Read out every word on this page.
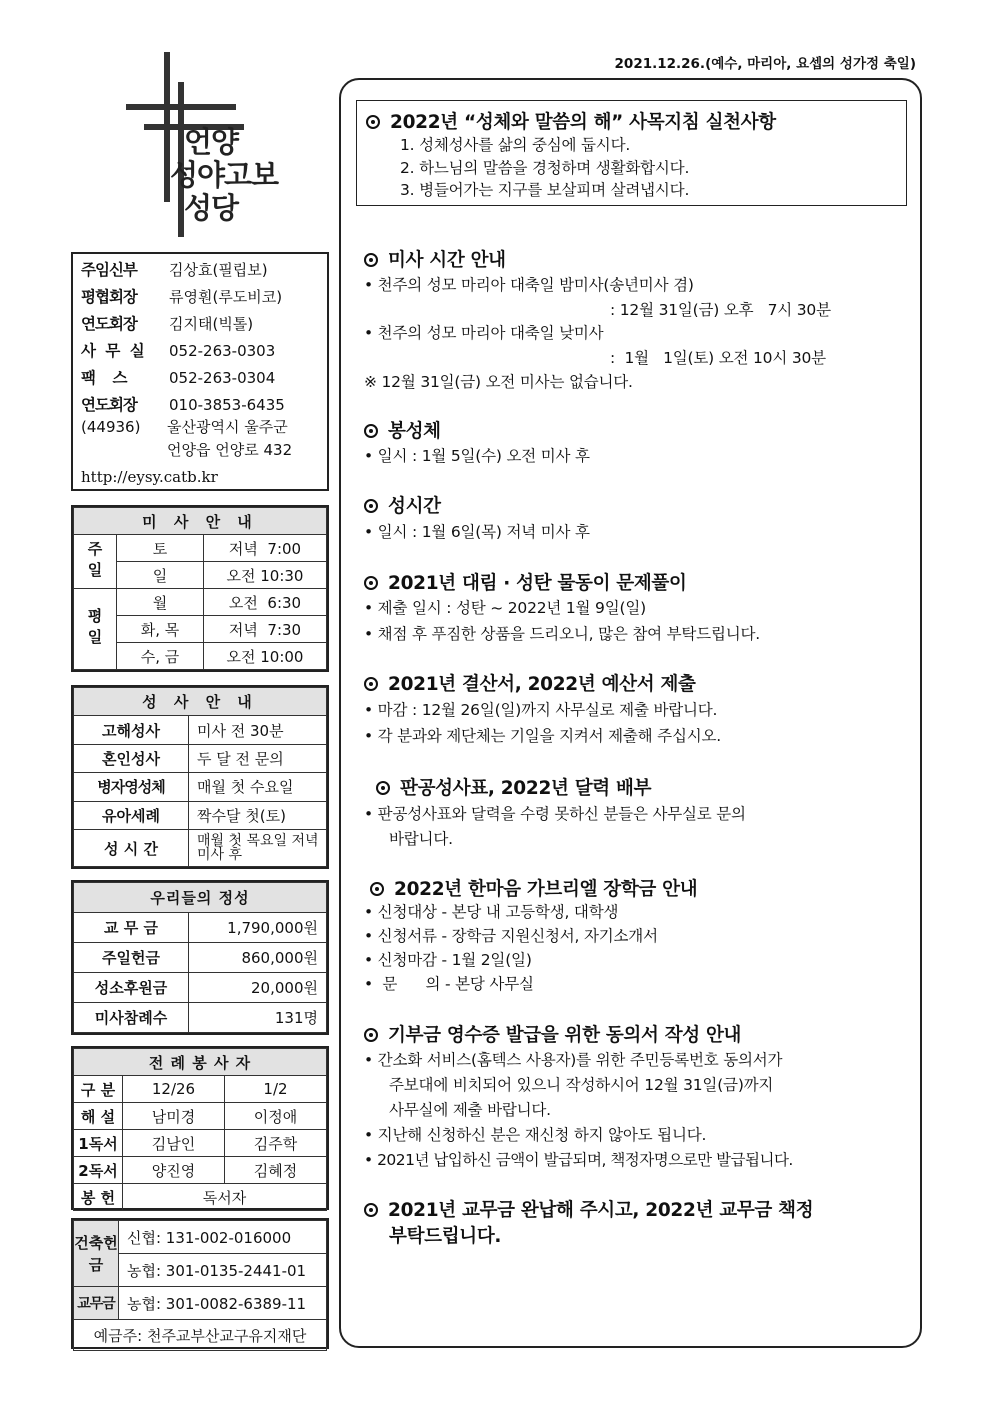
2021.12.26.(예수, 마리아, 요셉의 성가정 축일)
언양
성야고보
성당
주임신부 김상효(필립보)
평협회장 류영훤(루도비코)
연도회장 김지태(빅톨)
사 무 실 052-263-0303
팩    스	052-263-0304
연도회장 010-3853-6435
(44936) 울산광역시 울주군
언양읍 언양로 432
http://eysy.catb.kr
미 사 안 내		
주일	토	저녁  7:00
	일	오전 10:30
평일	월	오전  6:30
	화, 목	저녁  7:30
	수, 금	오전 10:00
성 사 안 내	
고해성사	미사 전 30분
혼인성사	두 달 전 문의
병자영성체	매월 첫 수요일
유아세례	짝수달 첫(토)
성 시 간	매월 첫 목요일 저녁미사 후
우리들의 정성	
교 무 금	1,790,000원
주일헌금	860,000원
성소후원금	20,000원
미사참례수	131명
전 례 봉 사 자		
구 분	12/26	1/2
해 설	남미경	이정애
1독서	김남인	김주학
2독서	양진영	김혜정
봉 헌	독서자	
건축헌금	신협: 131-002-016000
	농협: 301-0135-2441-01
교무금	농협: 301-0082-6389-11
예금주: 천주교부산교구유지재단	
2022년 “성체와 말씀의 해” 사목지침 실천사항
1. 성체성사를 삶의 중심에 둡시다.
2. 하느님의 말씀을 경청하며 생활화합시다.
3. 병들어가는 지구를 보살피며 살려냅시다.
미사 시간 안내
• 천주의 성모 마리아 대축일 밤미사(송년미사 겸)
: 12월 31일(금) 오후   7시 30분
• 천주의 성모 마리아 대축일 낮미사
:  1월   1일(토) 오전 10시 30분
※ 12월 31일(금) 오전 미사는 없습니다.
봉성체
• 일시 : 1월 5일(수) 오전 미사 후
성시간
• 일시 : 1월 6일(목) 저녁 미사 후
2021년 대림 · 성탄 물동이 문제풀이
• 제출 일시 : 성탄 ~ 2022년 1월 9일(일)
• 채점 후 푸짐한 상품을 드리오니, 많은 참여 부탁드립니다.
2021년 결산서, 2022년 예산서 제출
• 마감 : 12월 26일(일)까지 사무실로 제출 바랍니다.
• 각 분과와 제단체는 기일을 지켜서 제출해 주십시오.
판공성사표, 2022년 달력 배부
• 판공성사표와 달력을 수령 못하신 분들은 사무실로 문의
바랍니다.
2022년 한마음 가브리엘 장학금 안내
• 신청대상 - 본당 내 고등학생, 대학생
• 신청서류 - 장학금 지원신청서, 자기소개서
• 신청마감 - 1월 2일(일)
•  문      의 - 본당 사무실
기부금 영수증 발급을 위한 동의서 작성 안내
• 간소화 서비스(홈텍스 사용자)를 위한 주민등록번호 동의서가
주보대에 비치되어 있으니 작성하시어 12월 31일(금)까지
사무실에 제출 바랍니다.
• 지난해 신청하신 분은 재신청 하지 않아도 됩니다.
• 2021년 납입하신 금액이 발급되며, 책정자명으로만 발급됩니다.
2021년 교무금 완납해 주시고, 2022년 교무금 책정
부탁드립니다.
